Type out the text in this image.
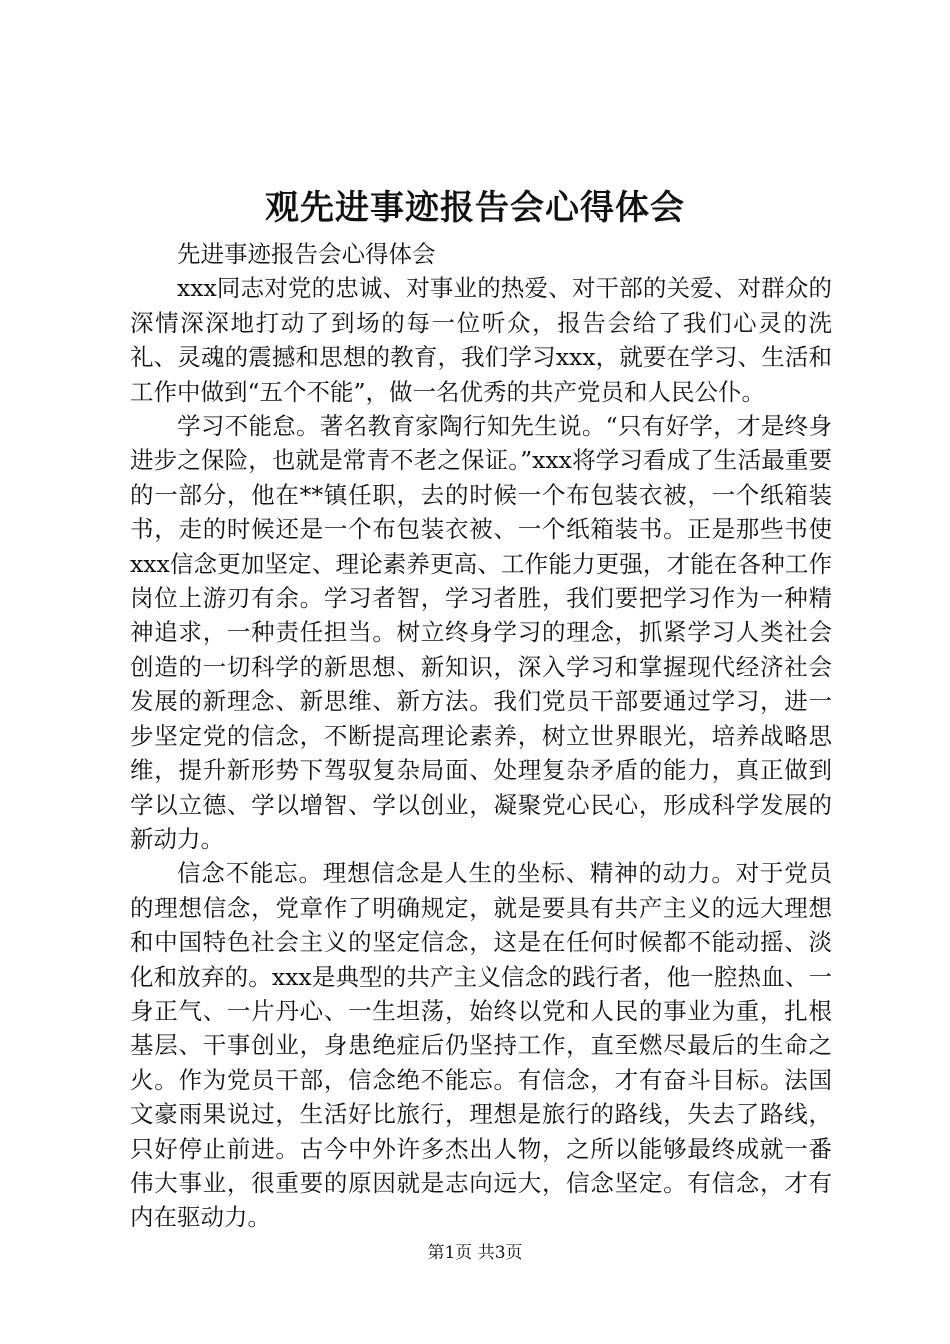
观先进事迹报告会心得体会

先进事迹报告会心得体会

xxx同志对党的忠诚、对事业的热爱、对干部的关爱、对群众的深情深深地打动了到场的每一位听众，报告会给了我们心灵的洗礼、灵魂的震撼和思想的教育，我们学习xxx，就要在学习、生活和工作中做到“五个不能”，做一名优秀的共产党员和人民公仆。

学习不能怠。著名教育家陶行知先生说。“只有好学，才是终身进步之保险，也就是常青不老之保证。”xxx将学习看成了生活最重要的一部分，他在**镇任职，去的时候一个布包装衣被，一个纸箱装书，走的时候还是一个布包装衣被、一个纸箱装书。正是那些书使xxx信念更加坚定、理论素养更高、工作能力更强，才能在各种工作岗位上游刃有余。学习者智，学习者胜，我们要把学习作为一种精神追求，一种责任担当。树立终身学习的理念，抓紧学习人类社会创造的一切科学的新思想、新知识，深入学习和掌握现代经济社会发展的新理念、新思维、新方法。我们党员干部要通过学习，进一步坚定党的信念，不断提高理论素养，树立世界眼光，培养战略思维，提升新形势下驾驭复杂局面、处理复杂矛盾的能力，真正做到学以立德、学以增智、学以创业，凝聚党心民心，形成科学发展的新动力。

信念不能忘。理想信念是人生的坐标、精神的动力。对于党员的理想信念，党章作了明确规定，就是要具有共产主义的远大理想和中国特色社会主义的坚定信念，这是在任何时候都不能动摇、淡化和放弃的。xxx是典型的共产主义信念的践行者，他一腔热血、一身正气、一片丹心、一生坦荡，始终以党和人民的事业为重，扎根基层、干事创业，身患绝症后仍坚持工作，直至燃尽最后的生命之火。作为党员干部，信念绝不能忘。有信念，才有奋斗目标。法国文豪雨果说过，生活好比旅行，理想是旅行的路线，失去了路线，只好停止前进。古今中外许多杰出人物，之所以能够最终成就一番伟大事业，很重要的原因就是志向远大，信念坚定。有信念，才有内在驱动力。

第1页 共3页
